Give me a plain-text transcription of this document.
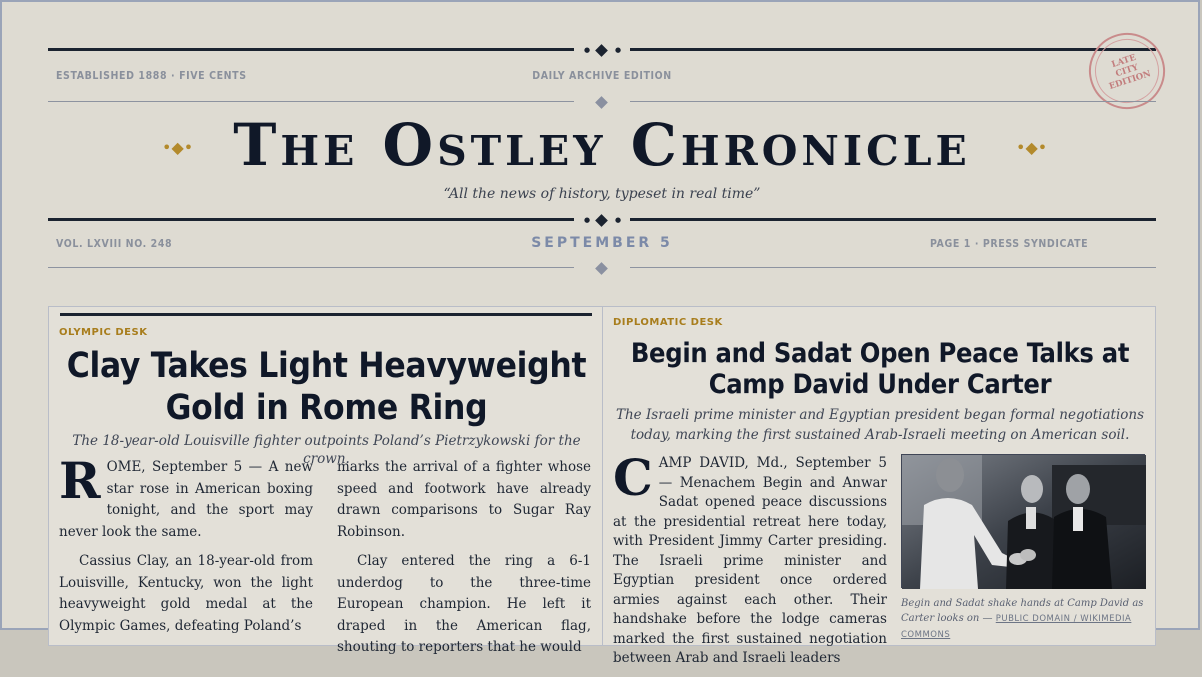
●	●
ESTABLISHED 1888 · FIVE CENTS	DAILY ARCHIVE EDITION
LATE CITY EDITION
•◆• The Ostley Chronicle	•◆•
“All the news of history, typeset in real time”
●	●
VOL. LXVIII NO. 248	SEPTEMBER 5	PAGE 1 · PRESS SYNDICATE
OLYMPIC DESK
Clay Takes Light Heavyweight Gold in Rome Ring
The 18-year-old Louisville fighter outpoints Poland’s Pietrzykowski for the crown.

ROME, September 5 — A new star rose in American boxing tonight, and the sport may never look the same.

Cassius Clay, an 18-year-old from Louisville, Kentucky, won the light heavyweight gold medal at the Olympic Games, defeating Poland’s

marks the arrival of a fighter whose speed and footwork have already drawn comparisons to Sugar Ray Robinson.

Clay entered the ring a 6-1 underdog to the three-time European champion. He left it draped in the American flag, shouting to reporters that he would

DIPLOMATIC DESK
Begin and Sadat Open Peace Talks at Camp David Under Carter
The Israeli prime minister and Egyptian president began formal negotiations today, marking the first sustained Arab-Israeli meeting on American soil.

CAMP DAVID, Md., September 5 — Menachem Begin and Anwar Sadat opened peace discussions at the presidential retreat here today, with President Jimmy Carter presiding. The Israeli prime minister and Egyptian president once ordered armies against each other. Their handshake before the lodge cameras marked the first sustained negotiation between Arab and Israeli leaders

Begin and Sadat shake hands at Camp David as Carter looks on — PUBLIC DOMAIN / WIKIMEDIA COMMONS
